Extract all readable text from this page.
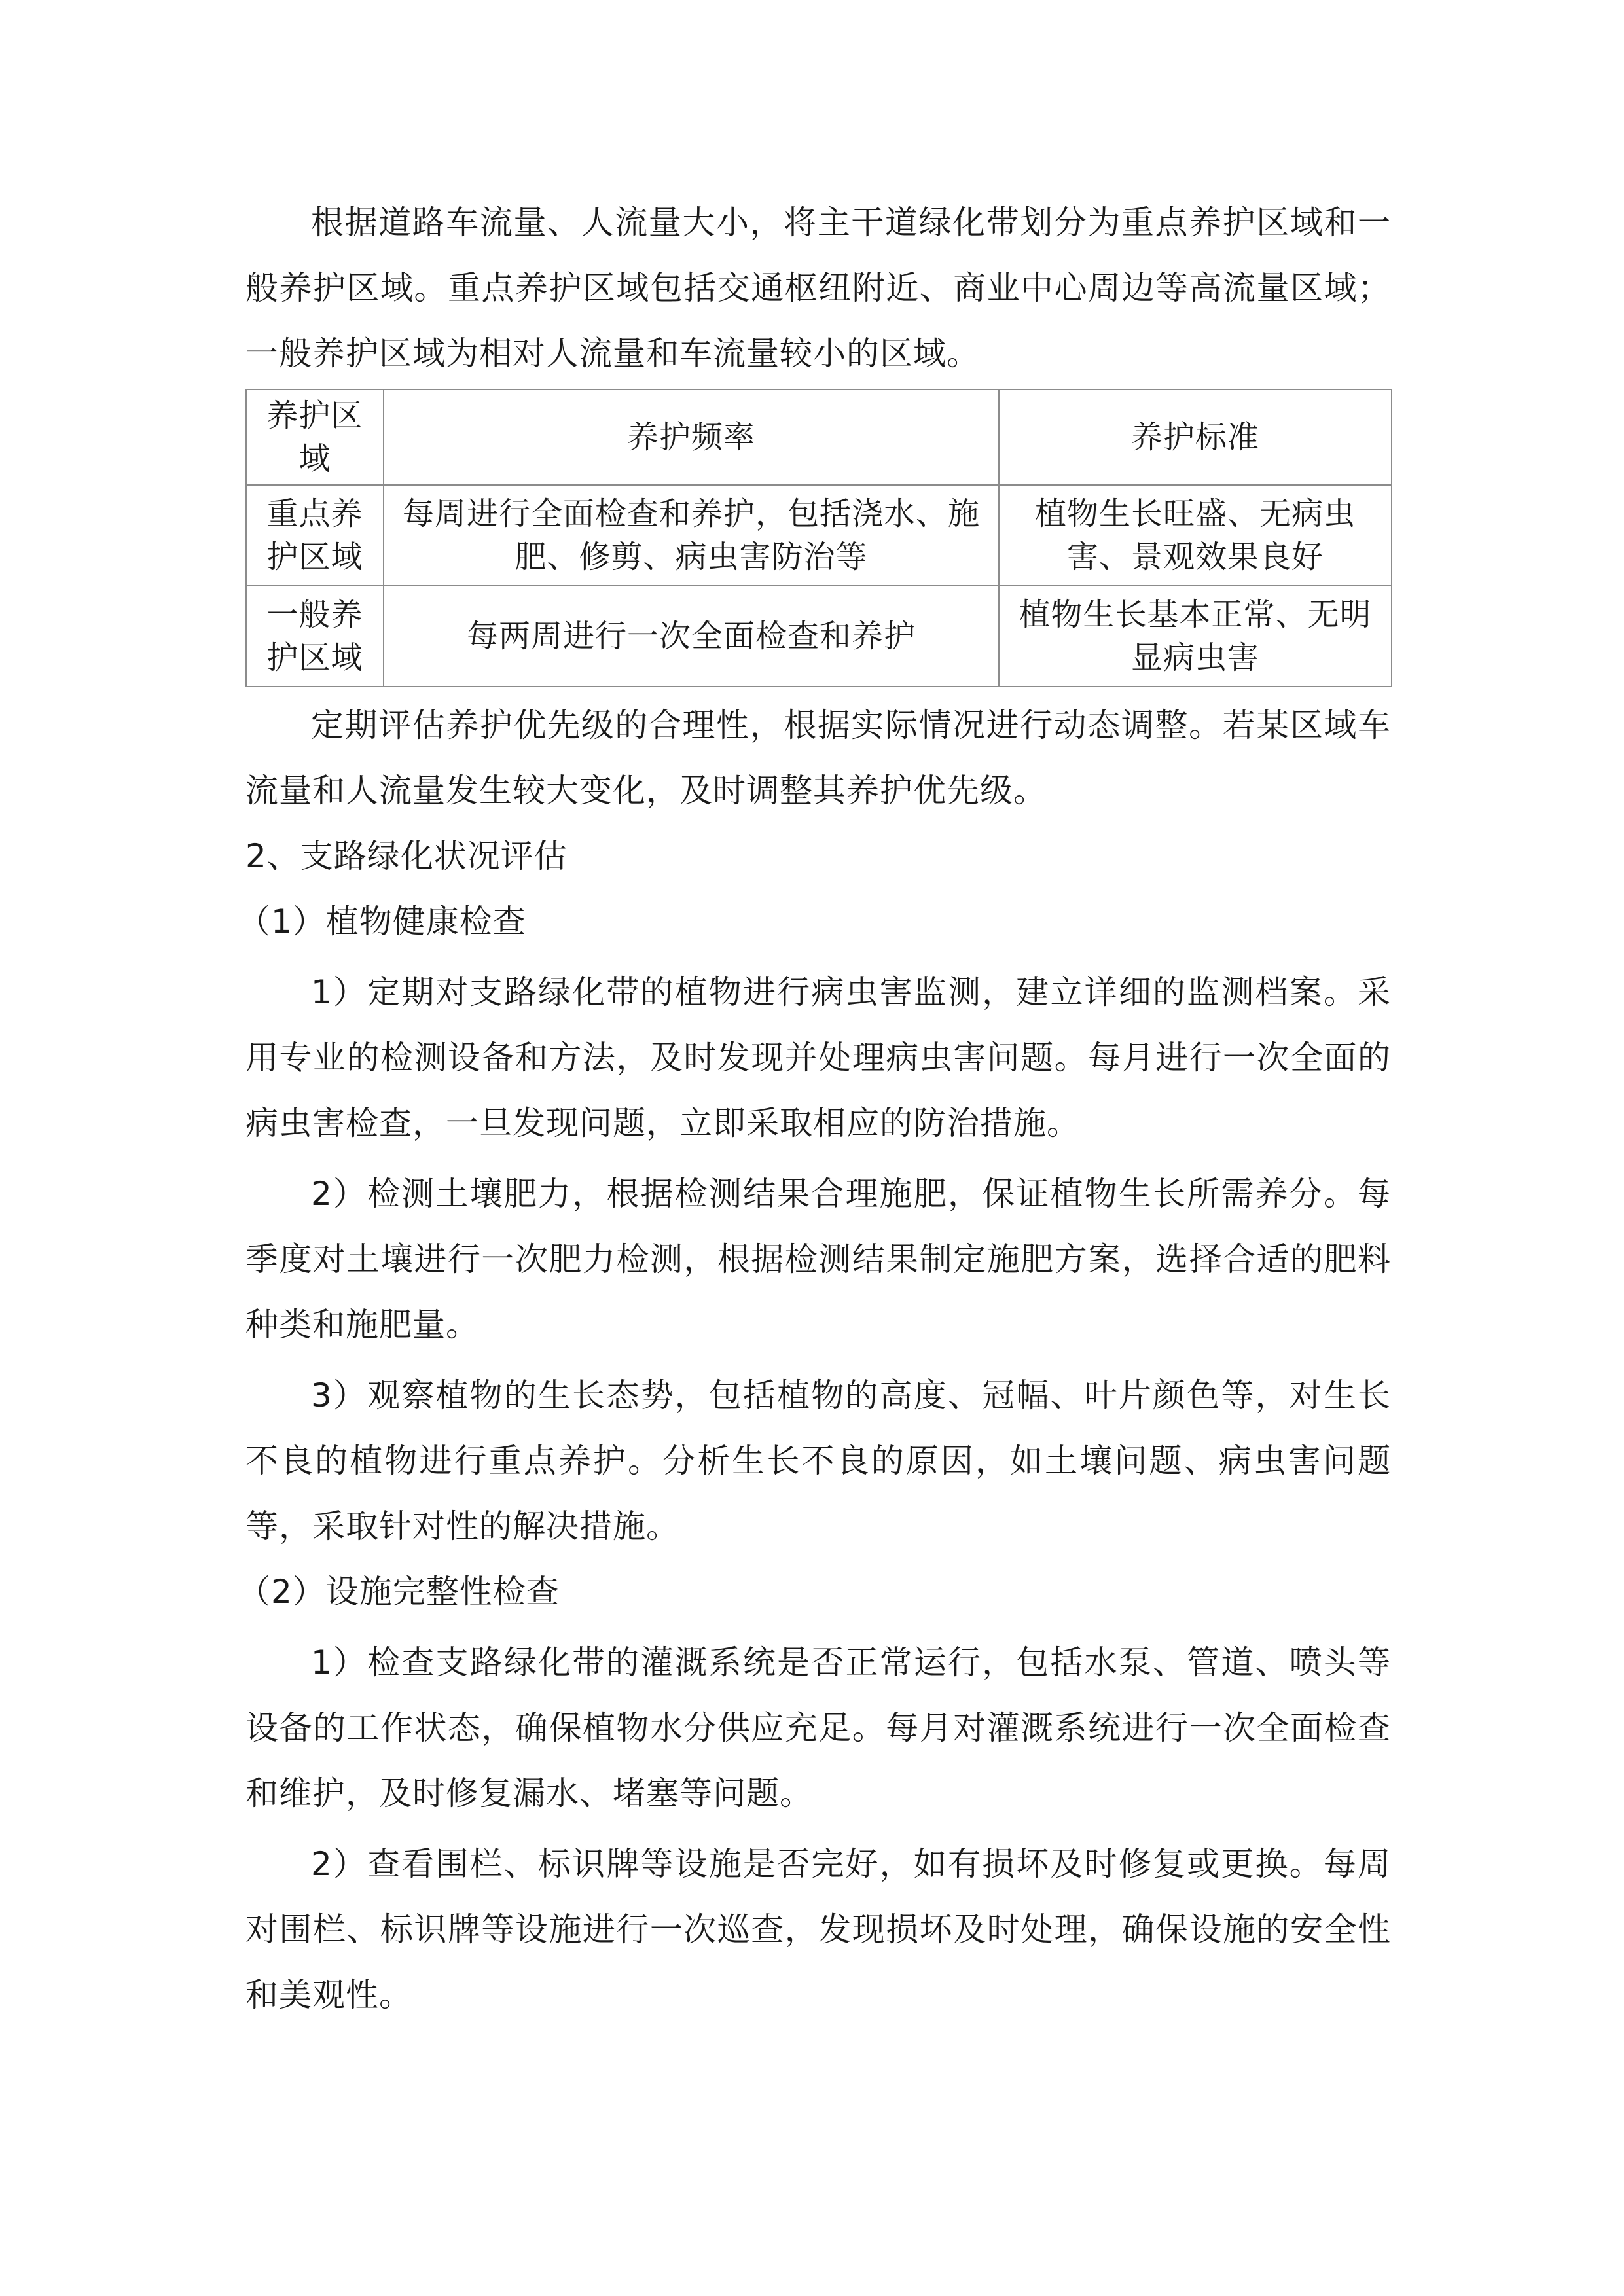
根据道路车流量、人流量大小，将主干道绿化带划分为重点养护区域和一般养护区域。重点养护区域包括交通枢纽附近、商业中心周边等高流量区域；一般养护区域为相对人流量和车流量较小的区域。

养护区域	养护频率	养护标准
重点养护区域	每周进行全面检查和养护，包括浇水、施肥、修剪、病虫害防治等	植物生长旺盛、无病虫害、景观效果良好
一般养护区域	每两周进行一次全面检查和养护	植物生长基本正常、无明显病虫害

定期评估养护优先级的合理性，根据实际情况进行动态调整。若某区域车流量和人流量发生较大变化，及时调整其养护优先级。

2、支路绿化状况评估

（1）植物健康检查

1）定期对支路绿化带的植物进行病虫害监测，建立详细的监测档案。采用专业的检测设备和方法，及时发现并处理病虫害问题。每月进行一次全面的病虫害检查，一旦发现问题，立即采取相应的防治措施。

2）检测土壤肥力，根据检测结果合理施肥，保证植物生长所需养分。每季度对土壤进行一次肥力检测，根据检测结果制定施肥方案，选择合适的肥料种类和施肥量。

3）观察植物的生长态势，包括植物的高度、冠幅、叶片颜色等，对生长不良的植物进行重点养护。分析生长不良的原因，如土壤问题、病虫害问题等，采取针对性的解决措施。

（2）设施完整性检查

1）检查支路绿化带的灌溉系统是否正常运行，包括水泵、管道、喷头等设备的工作状态，确保植物水分供应充足。每月对灌溉系统进行一次全面检查和维护，及时修复漏水、堵塞等问题。

2）查看围栏、标识牌等设施是否完好，如有损坏及时修复或更换。每周对围栏、标识牌等设施进行一次巡查，发现损坏及时处理，确保设施的安全性和美观性。
